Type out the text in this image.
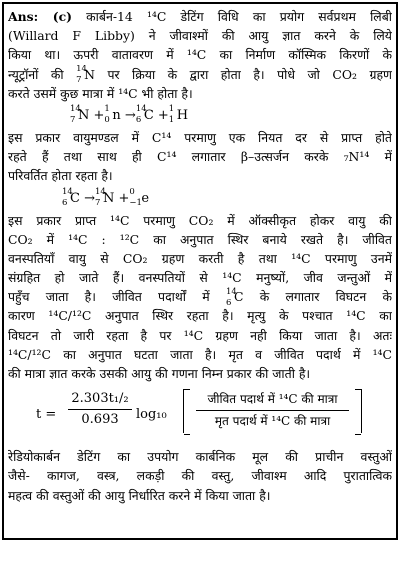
Ans: (c) कार्बन-14 ¹⁴C डेटिंग विधि का प्रयोग सर्वप्रथम लिबी
(Willard F Libby) ने जीवाश्मों की आयु ज्ञात करने के लिये
किया था। ऊपरी वातावरण में ¹⁴C का निर्माण कॉस्मिक किरणों के
न्यूट्रॉनों की 14
7 N पर क्रिया के द्वारा होता है। पोधे जो CO₂ ग्रहण
करते उसमें कुछ मात्रा में ¹⁴C भी होता है।
14
7 N + 1
0 n → 14
6 C + 1
1 H
इस प्रकार वायुमण्डल में C¹⁴ परमाणु एक नियत दर से प्राप्त होते
रहते हैं तथा साथ ही C¹⁴ लगातार β–उत्सर्जन करके ₇N¹⁴ में
परिवर्तित होता रहता है।
14
6 C → 14
7 N + 0
−1 e
इस प्रकार प्राप्त ¹⁴C परमाणु CO₂ में ऑक्सीकृत होकर वायु की
CO₂ में ¹⁴C : ¹²C का अनुपात स्थिर बनाये रखते है। जीवित
वनस्पतियाँ वायु से CO₂ ग्रहण करती है तथा ¹⁴C परमाणु उनमें
संग्रहित हो जाते हैं। वनस्पतियों से ¹⁴C मनुष्यों, जीव जन्तुओं में
पहुँच जाता है। जीवित पदार्थों में 14
6 C के लगातार विघटन के
कारण ¹⁴C/¹²C अनुपात स्थिर रहता है। मृत्यु के पश्चात ¹⁴C का
विघटन तो जारी रहता है पर ¹⁴C ग्रहण नही किया जाता है। अतः
¹⁴C/¹²C का अनुपात घटता जाता है। मृत व जीवित पदार्थ में ¹⁴C
की मात्रा ज्ञात करके उसकी आयु की गणना निम्न प्रकार की जाती है।
$t = \frac{\text{2.303t₁/₂}}{0.693} \log_{10}$
जीवित पदार्थ में ¹⁴C की मात्रा
मृत पदार्थ में ¹⁴C की मात्रा
रेडियोकार्बन डेटिंग का उपयोग कार्बनिक मूल की प्राचीन वस्तुओं
जैसे- कागज, वस्त्र, लकड़ी की वस्तु, जीवाश्म आदि पुरातात्विक
महत्व की वस्तुओं की आयु निर्धारित करने में किया जाता है।
